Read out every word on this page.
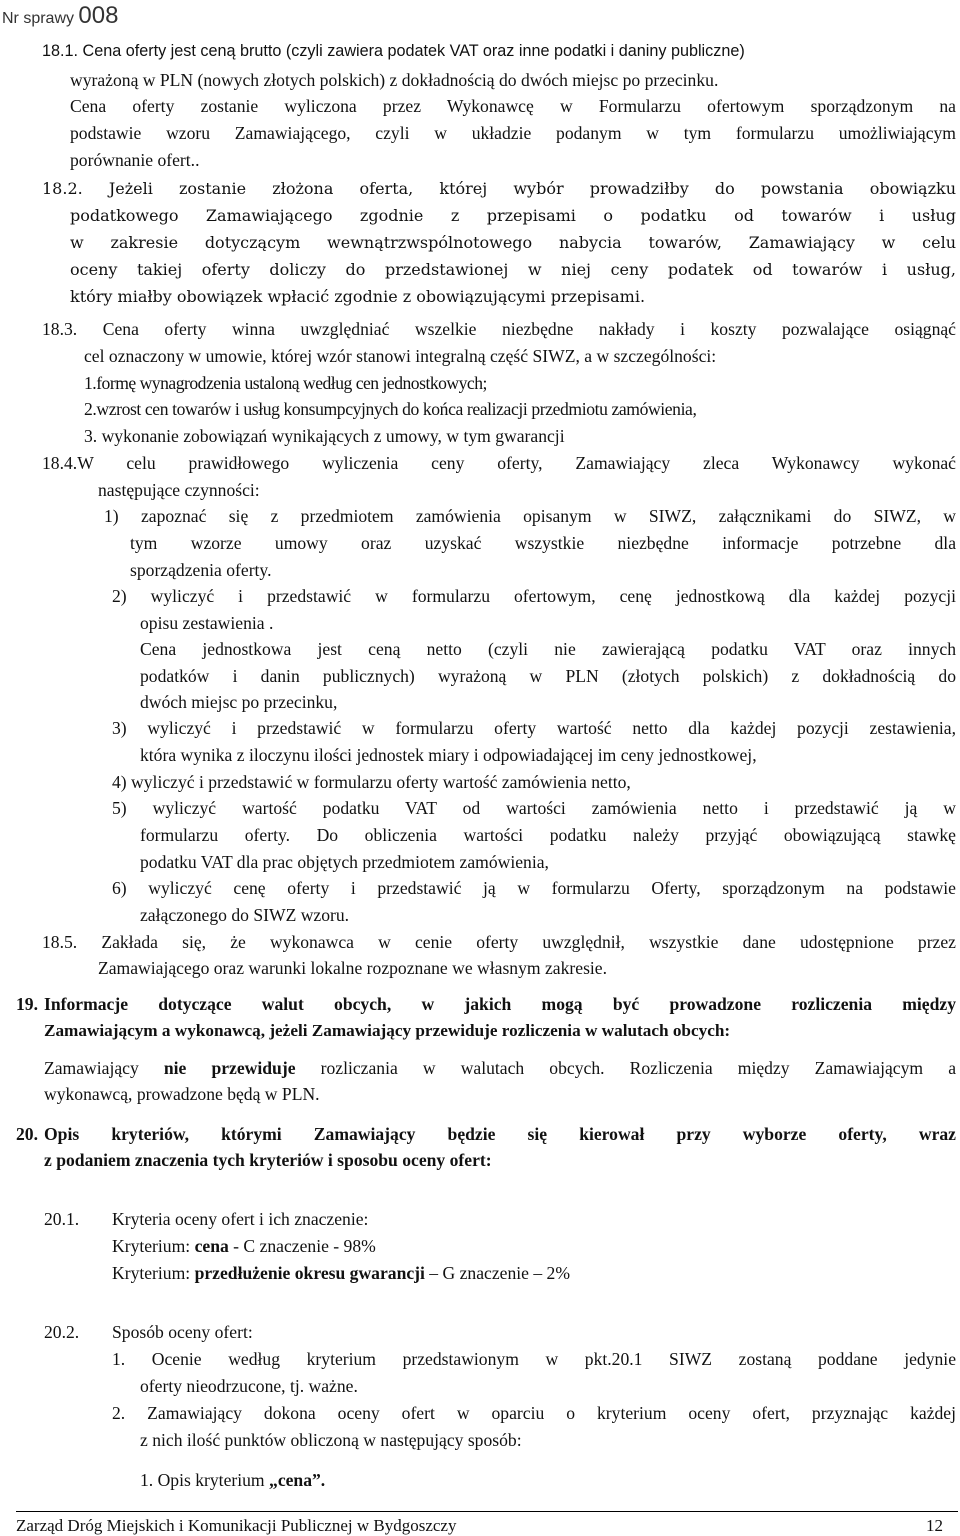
Nr sprawy 008
18.1. Cena oferty jest ceną brutto (czyli zawiera podatek VAT oraz inne podatki i daniny publiczne)
wyrażoną w PLN (nowych złotych polskich) z dokładnością do dwóch miejsc po przecinku.
Cena oferty zostanie wyliczona przez Wykonawcę w Formularzu ofertowym sporządzonym na
podstawie wzoru Zamawiającego, czyli w układzie podanym w tym formularzu umożliwiającym
porównanie ofert..
18.2. Jeżeli zostanie złożona oferta, której wybór prowadziłby do powstania obowiązku
podatkowego Zamawiającego zgodnie z przepisami o podatku od towarów i usług
w zakresie dotyczącym wewnątrzwspólnotowego nabycia towarów, Zamawiający w celu
oceny takiej oferty doliczy do przedstawionej w niej ceny podatek od towarów i usług,
który miałby obowiązek wpłacić zgodnie z obowiązującymi przepisami.
18.3. Cena oferty winna uwzględniać wszelkie niezbędne nakłady i koszty pozwalające osiągnąć
cel oznaczony w umowie, której wzór stanowi integralną część SIWZ, a w szczególności:
1.formę wynagrodzenia ustaloną według cen jednostkowych;
2.wzrost cen towarów i usług konsumpcyjnych do końca realizacji przedmiotu zamówienia,
3. wykonanie zobowiązań wynikających z umowy, w tym gwarancji
18.4.W celu prawidłowego wyliczenia ceny oferty, Zamawiający zleca Wykonawcy wykonać
następujące czynności:
1) zapoznać się z przedmiotem zamówienia opisanym w SIWZ, załącznikami do SIWZ, w
tym wzorze umowy oraz uzyskać wszystkie niezbędne informacje potrzebne dla
sporządzenia oferty.
2) wyliczyć i przedstawić w formularzu ofertowym, cenę jednostkową dla każdej pozycji
opisu zestawienia .
Cena jednostkowa jest ceną netto (czyli nie zawierającą podatku VAT oraz innych
podatków i danin publicznych) wyrażoną w PLN (złotych polskich) z dokładnością do
dwóch miejsc po przecinku,
3) wyliczyć i przedstawić w formularzu oferty wartość netto dla każdej pozycji zestawienia,
która wynika z iloczynu ilości jednostek miary i odpowiadającej im ceny jednostkowej,
4) wyliczyć i przedstawić w formularzu oferty wartość zamówienia netto,
5) wyliczyć wartość podatku VAT od wartości zamówienia netto i przedstawić ją w
formularzu oferty. Do obliczenia wartości podatku należy przyjąć obowiązującą stawkę
podatku VAT dla prac objętych przedmiotem zamówienia,
6) wyliczyć cenę oferty i przedstawić ją w formularzu Oferty, sporządzonym na podstawie
załączonego do SIWZ wzoru.
18.5. Zakłada się, że wykonawca w cenie oferty uwzględnił, wszystkie dane udostępnione przez
Zamawiającego oraz warunki lokalne rozpoznane we własnym zakresie.
19. Informacje dotyczące walut obcych, w jakich mogą być prowadzone rozliczenia między
Zamawiającym a wykonawcą, jeżeli Zamawiający przewiduje rozliczenia w walutach obcych:
Zamawiający nie przewiduje rozliczania w walutach obcych. Rozliczenia między Zamawiającym a
wykonawcą, prowadzone będą w PLN.
20. Opis kryteriów, którymi Zamawiający będzie się kierował przy wyborze oferty, wraz
z podaniem znaczenia tych kryteriów i sposobu oceny ofert:
20.1. Kryteria oceny ofert i ich znaczenie:
Kryterium: cena - C znaczenie - 98%
Kryterium: przedłużenie okresu gwarancji – G znaczenie – 2%
20.2. Sposób oceny ofert:
1. Ocenie według kryterium przedstawionym w pkt.20.1 SIWZ zostaną poddane jedynie
oferty nieodrzucone, tj. ważne.
2. Zamawiający dokona oceny ofert w oparciu o kryterium oceny ofert, przyznając każdej
z nich ilość punktów obliczoną w następujący sposób:
1. Opis kryterium „cena”.
Zarząd Dróg Miejskich i Komunikacji Publicznej w Bydgoszczy	12
